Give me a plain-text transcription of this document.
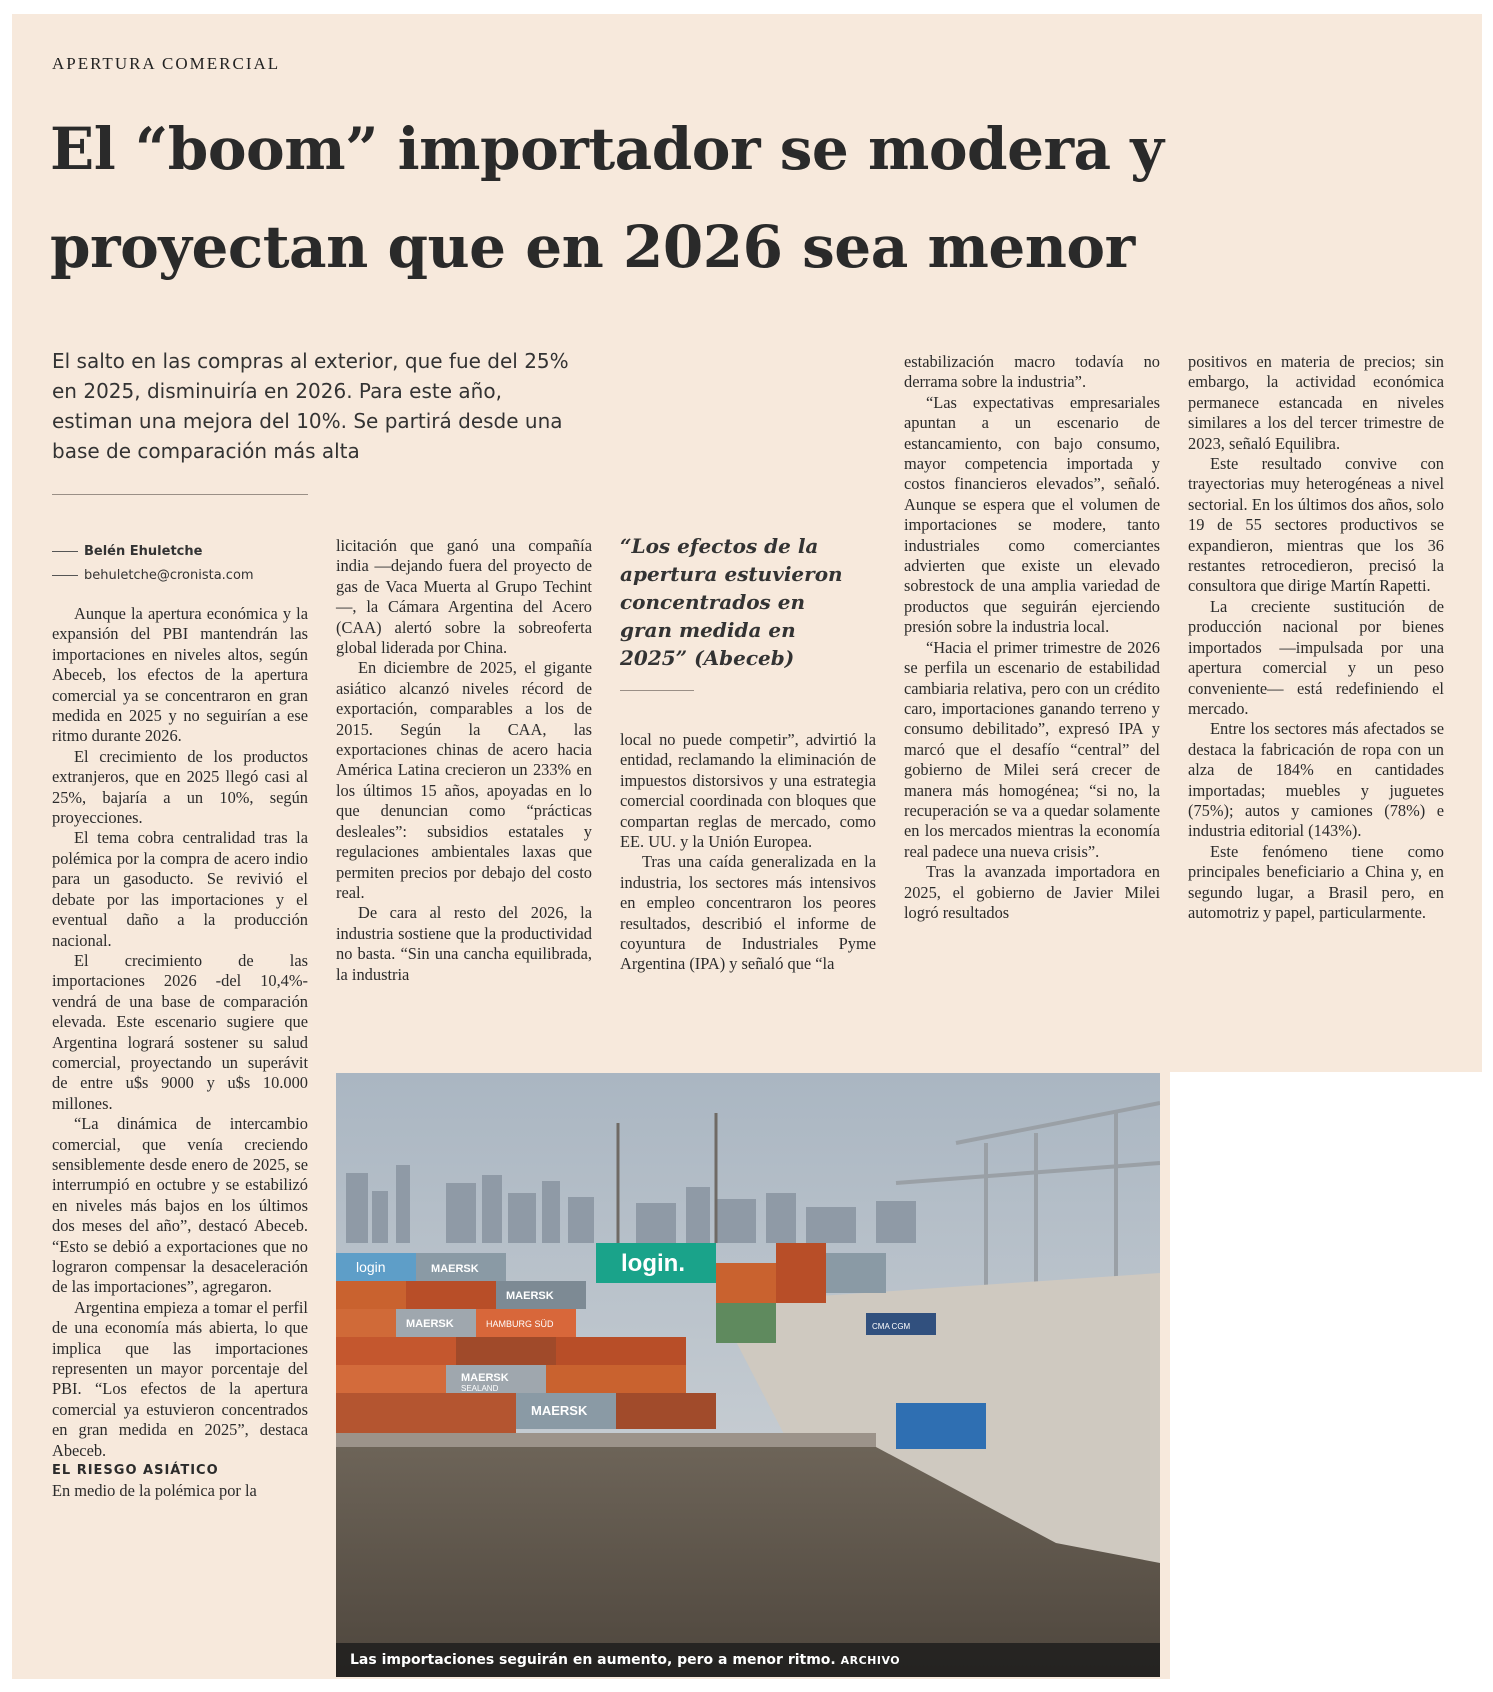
APERTURA COMERCIAL
El “boom” importador se modera y
proyectan que en 2026 sea menor
El salto en las compras al exterior, que fue del 25% en 2025, disminuiría en 2026. Para este año, estiman una mejora del 10%. Se partirá desde una base de comparación más alta
Belén Ehuletche
behuletche@cronista.com

Aunque la apertura económica y la expansión del PBI mantendrán las importaciones en niveles altos, según Abeceb, los efectos de la apertura comercial ya se concentraron en gran medida en 2025 y no seguirían a ese ritmo durante 2026.

El crecimiento de los productos extranjeros, que en 2025 llegó casi al 25%, bajaría a un 10%, según proyecciones.

El tema cobra centralidad tras la polémica por la compra de acero indio para un gasoducto. Se revivió el debate por las importaciones y el eventual daño a la producción nacional.

El crecimiento de las importaciones 2026 -del 10,4%- vendrá de una base de comparación elevada. Este escenario sugiere que Argentina logrará sostener su salud comercial, proyectando un superávit de entre u$s 9000 y u$s 10.000 millones.

“La dinámica de intercambio comercial, que venía creciendo sensiblemente desde enero de 2025, se interrumpió en octubre y se estabilizó en niveles más bajos en los últimos dos meses del año”, destacó Abeceb. “Esto se debió a exportaciones que no lograron compensar la desaceleración de las importaciones”, agregaron.

Argentina empieza a tomar el perfil de una economía más abierta, lo que implica que las importaciones representen un mayor porcentaje del PBI. “Los efectos de la apertura comercial ya estuvieron concentrados en gran medida en 2025”, destaca Abeceb.

EL RIESGO ASIÁTICO

En medio de la polémica por la

licitación que ganó una compañía india —dejando fuera del proyecto de gas de Vaca Muerta al Grupo Techint—, la Cámara Argentina del Acero (CAA) alertó sobre la sobreoferta global liderada por China.

En diciembre de 2025, el gigante asiático alcanzó niveles récord de exportación, comparables a los de 2015. Según la CAA, las exportaciones chinas de acero hacia América Latina crecieron un 233% en los últimos 15 años, apoyadas en lo que denuncian como “prácticas desleales”: subsidios estatales y regulaciones ambientales laxas que permiten precios por debajo del costo real.

De cara al resto del 2026, la industria sostiene que la productividad no basta. “Sin una cancha equilibrada, la industria

“Los efectos de la apertura estuvieron concentrados en gran medida en 2025” (Abeceb)

local no puede competir”, advirtió la entidad, reclamando la eliminación de impuestos distorsivos y una estrategia comercial coordinada con bloques que compartan reglas de mercado, como EE. UU. y la Unión Europea.

Tras una caída generalizada en la industria, los sectores más intensivos en empleo concentraron los peores resultados, describió el informe de coyuntura de Industriales Pyme Argentina (IPA) y señaló que “la

estabilización macro todavía no derrama sobre la industria”.

“Las expectativas empresariales apuntan a un escenario de estancamiento, con bajo consumo, mayor competencia importada y costos financieros elevados”, señaló. Aunque se espera que el volumen de importaciones se modere, tanto industriales como comerciantes advierten que existe un elevado sobrestock de una amplia variedad de productos que seguirán ejerciendo presión sobre la industria local.

“Hacia el primer trimestre de 2026 se perfila un escenario de estabilidad cambiaria relativa, pero con un crédito caro, importaciones ganando terreno y consumo debilitado”, expresó IPA y marcó que el desafío “central” del gobierno de Milei será crecer de manera más homogénea; “si no, la recuperación se va a quedar solamente en los mercados mientras la economía real padece una nueva crisis”.

Tras la avanzada importadora en 2025, el gobierno de Javier Milei logró resultados

positivos en materia de precios; sin embargo, la actividad económica permanece estancada en niveles similares a los del tercer trimestre de 2023, señaló Equilibra.

Este resultado convive con trayectorias muy heterogéneas a nivel sectorial. En los últimos dos años, solo 19 de 55 sectores productivos se expandieron, mientras que los 36 restantes retrocedieron, precisó la consultora que dirige Martín Rapetti.

La creciente sustitución de producción nacional por bienes importados —impulsada por una apertura comercial y un peso conveniente— está redefiniendo el mercado.

Entre los sectores más afectados se destaca la fabricación de ropa con un alza de 184% en cantidades importadas; muebles y juguetes (75%); autos y camiones (78%) e industria editorial (143%).

Este fenómeno tiene como principales beneficiario a China y, en segundo lugar, a Brasil pero, en automotriz y papel, particularmente.

login	MAERSK	login.
MAERSK
MAERSK	HAMBURG SÜD
MAERSK
SEALAND
MAERSK
CMA CGM
Las importaciones seguirán en aumento, pero a menor ritmo. ARCHIVO
